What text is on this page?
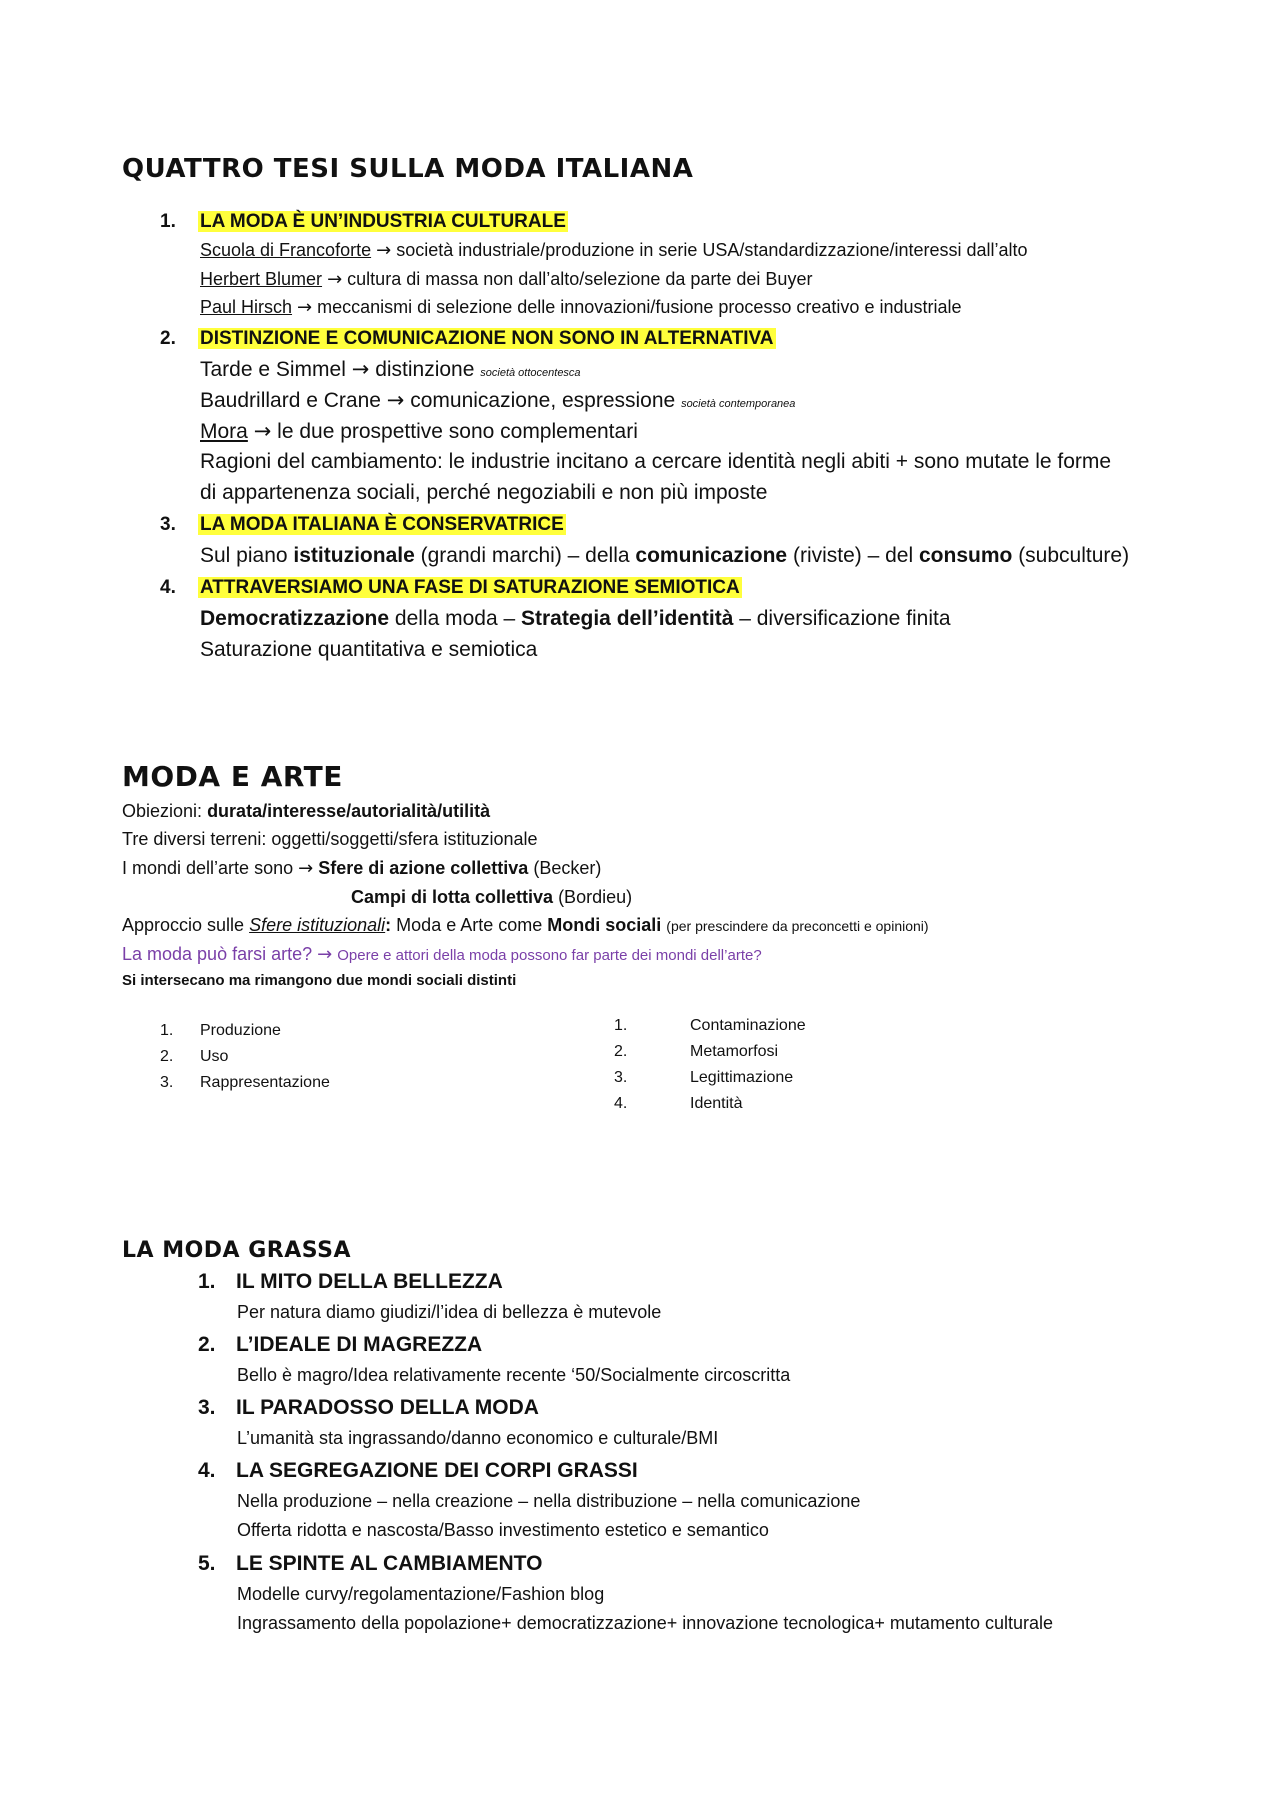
QUATTRO TESI SULLA MODA ITALIANA
1. LA MODA È UN’INDUSTRIA CULTURALE
Scuola di Francoforte → società industriale/produzione in serie USA/standardizzazione/interessi dall’alto
Herbert Blumer → cultura di massa non dall’alto/selezione da parte dei Buyer
Paul Hirsch → meccanismi di selezione delle innovazioni/fusione processo creativo e industriale
2. DISTINZIONE E COMUNICAZIONE NON SONO IN ALTERNATIVA
Tarde e Simmel → distinzione società ottocentesca
Baudrillard e Crane → comunicazione, espressione società contemporanea
Mora → le due prospettive sono complementari
Ragioni del cambiamento: le industrie incitano a cercare identità negli abiti + sono mutate le forme
di appartenenza sociali, perché negoziabili e non più imposte
3. LA MODA ITALIANA È CONSERVATRICE
Sul piano istituzionale (grandi marchi) – della comunicazione (riviste) – del consumo (subculture)
4. ATTRAVERSIAMO UNA FASE DI SATURAZIONE SEMIOTICA
Democratizzazione della moda – Strategia dell’identità – diversificazione finita
Saturazione quantitativa e semiotica
MODA E ARTE
Obiezioni: durata/interesse/autorialità/utilità
Tre diversi terreni: oggetti/soggetti/sfera istituzionale
I mondi dell’arte sono → Sfere di azione collettiva (Becker)
Campi di lotta collettiva (Bordieu)
Approccio sulle Sfere istituzionali: Moda e Arte come Mondi sociali (per prescindere da preconcetti e opinioni)
La moda può farsi arte? → Opere e attori della moda possono far parte dei mondi dell’arte?
Si intersecano ma rimangono due mondi sociali distinti
1. Produzione
2. Uso
3. Rappresentazione
1.	Contaminazione
2.	Metamorfosi
3.	Legittimazione
4.	Identità
LA MODA GRASSA
1. IL MITO DELLA BELLEZZA
Per natura diamo giudizi/l’idea di bellezza è mutevole
2. L’IDEALE DI MAGREZZA
Bello è magro/Idea relativamente recente ‘50/Socialmente circoscritta
3. IL PARADOSSO DELLA MODA
L’umanità sta ingrassando/danno economico e culturale/BMI
4. LA SEGREGAZIONE DEI CORPI GRASSI
Nella produzione – nella creazione – nella distribuzione – nella comunicazione
Offerta ridotta e nascosta/Basso investimento estetico e semantico
5. LE SPINTE AL CAMBIAMENTO
Modelle curvy/regolamentazione/Fashion blog
Ingrassamento della popolazione+ democratizzazione+ innovazione tecnologica+ mutamento culturale
